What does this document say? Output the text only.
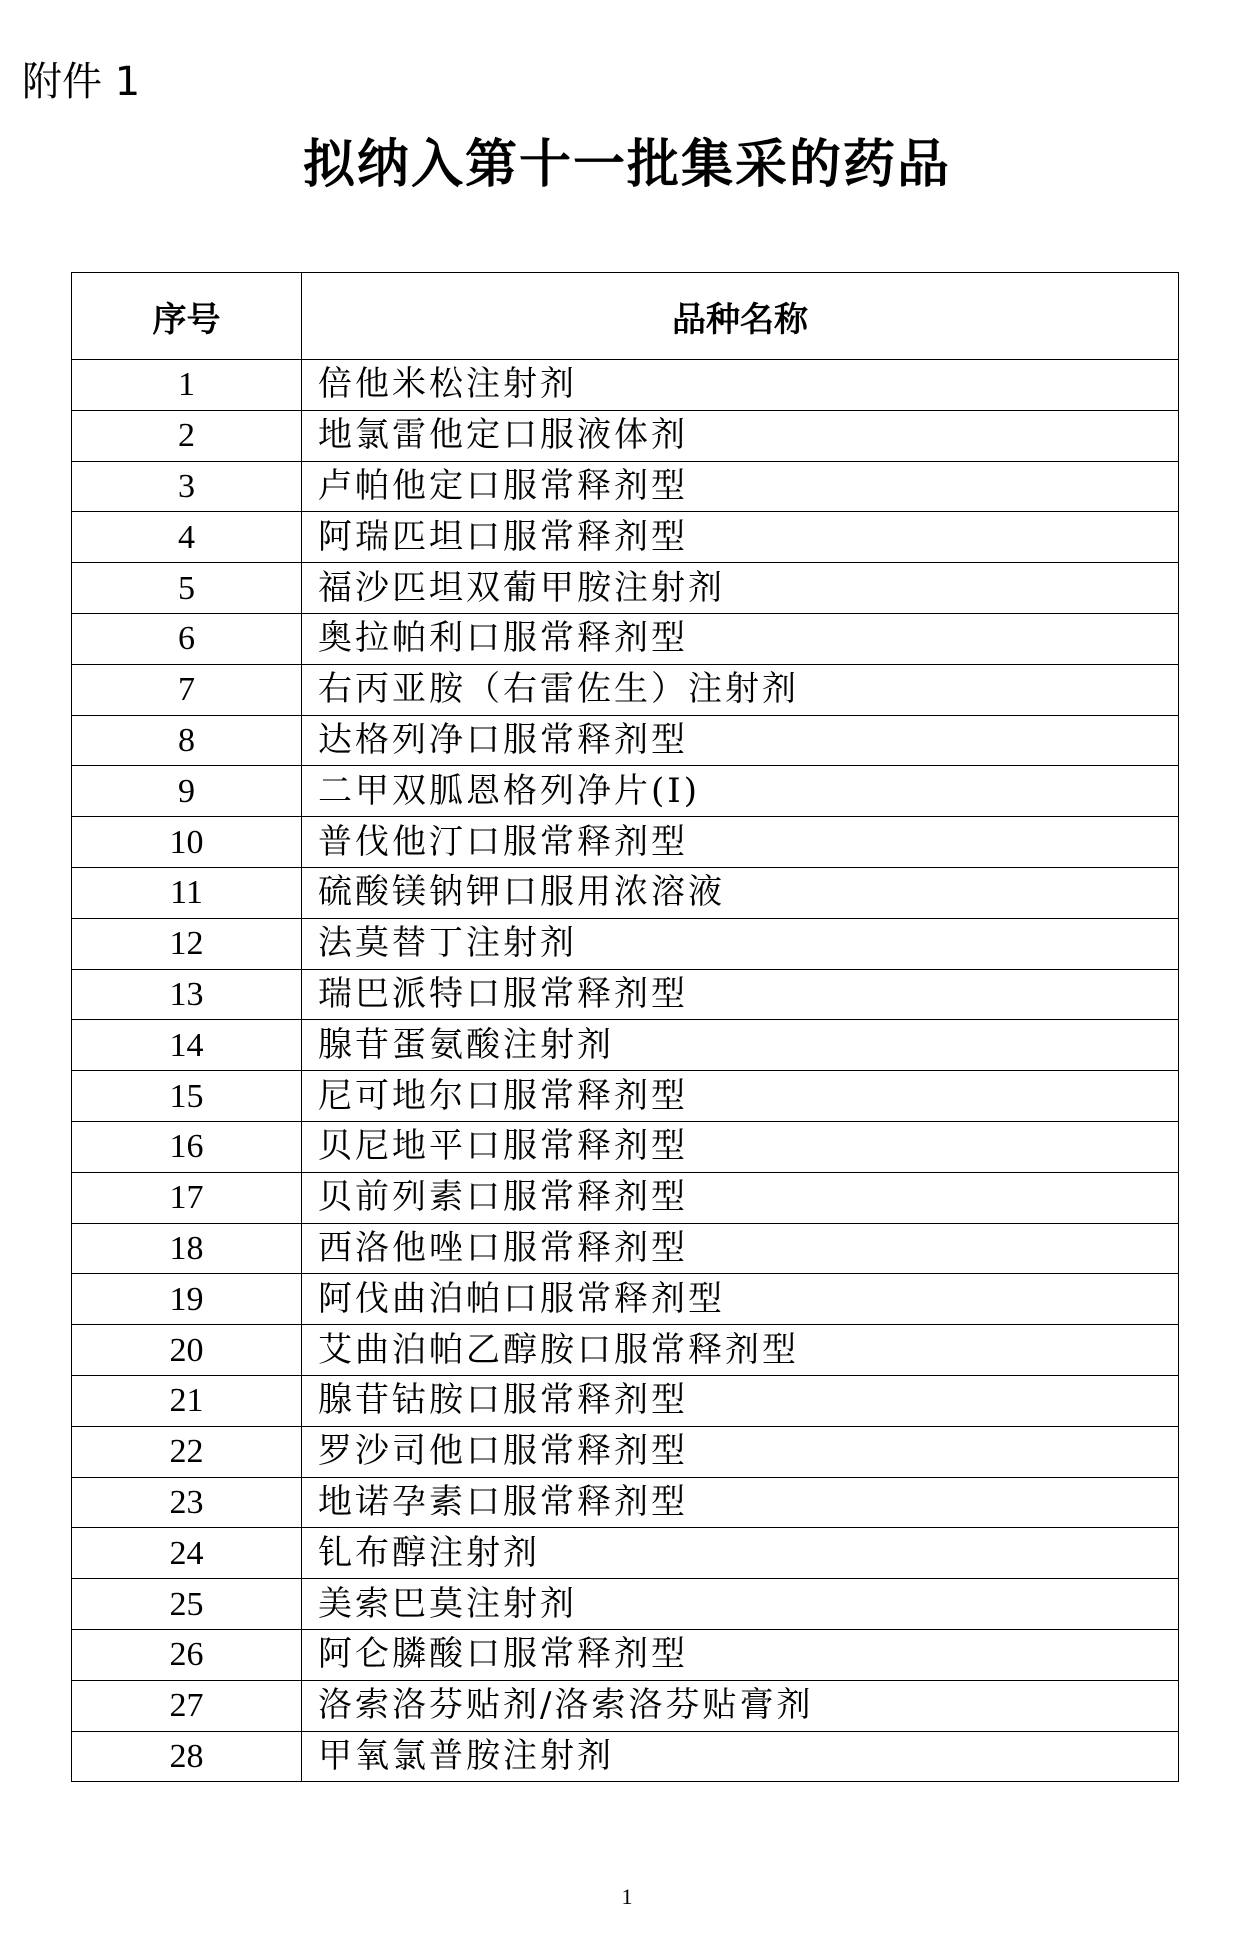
附件 1
拟纳入第十一批集采的药品
序号	品种名称
1	倍他米松注射剂
2	地氯雷他定口服液体剂
3	卢帕他定口服常释剂型
4	阿瑞匹坦口服常释剂型
5	福沙匹坦双葡甲胺注射剂
6	奥拉帕利口服常释剂型
7	右丙亚胺（右雷佐生）注射剂
8	达格列净口服常释剂型
9	二甲双胍恩格列净片(I)
10	普伐他汀口服常释剂型
11	硫酸镁钠钾口服用浓溶液
12	法莫替丁注射剂
13	瑞巴派特口服常释剂型
14	腺苷蛋氨酸注射剂
15	尼可地尔口服常释剂型
16	贝尼地平口服常释剂型
17	贝前列素口服常释剂型
18	西洛他唑口服常释剂型
19	阿伐曲泊帕口服常释剂型
20	艾曲泊帕乙醇胺口服常释剂型
21	腺苷钴胺口服常释剂型
22	罗沙司他口服常释剂型
23	地诺孕素口服常释剂型
24	钆布醇注射剂
25	美索巴莫注射剂
26	阿仑膦酸口服常释剂型
27	洛索洛芬贴剂/洛索洛芬贴膏剂
28	甲氧氯普胺注射剂
1
